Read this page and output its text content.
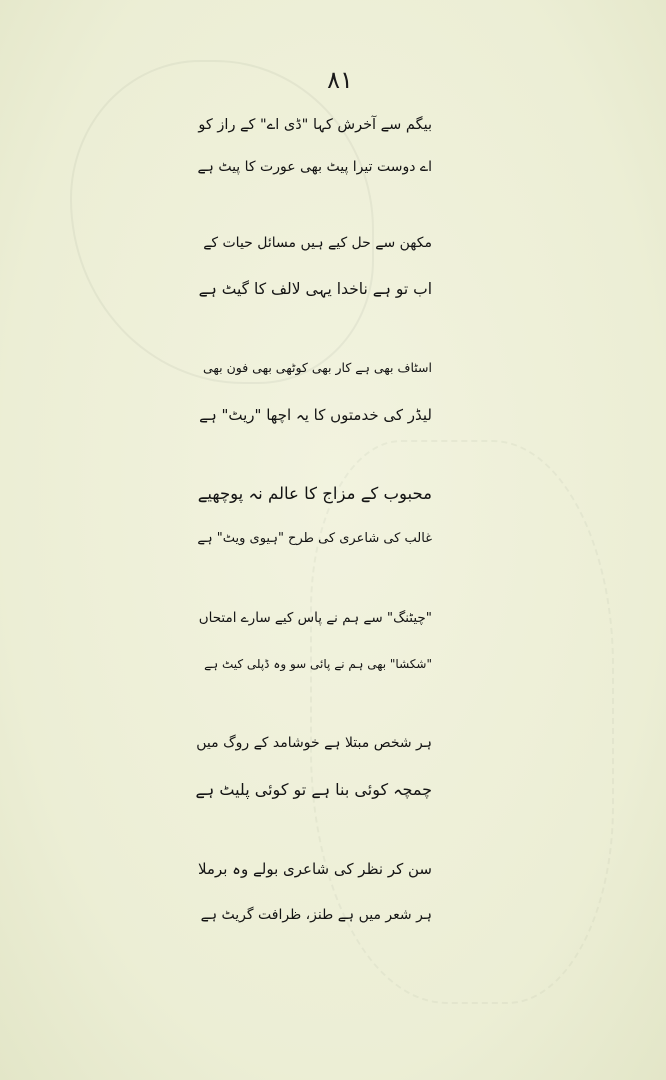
۸۱
بیگم سے آخرش کہا "ڈی اے" کے راز کو
اے دوست تیرا پیٹ بھی عورت کا پیٹ ہے
مکھن سے حل کیے ہیں مسائل حیات کے
اب تو ہے ناخدا یہی لالف کا گیٹ ہے
اسٹاف بھی ہے کار بھی کوٹھی بھی فون بھی
لیڈر کی خدمتوں کا یہ اچھا "ریٹ" ہے
محبوب کے مزاج کا عالم نہ پوچھیے
غالب کی شاعری کی طرح "ہیوی ویٹ" ہے
"چیٹنگ" سے ہم نے پاس کیے سارے امتحاں
"شکشا" بھی ہم نے پائی سو وہ ڈپلی کیٹ ہے
ہر شخص مبتلا ہے خوشامد کے روگ میں
چمچہ کوئی بنا ہے تو کوئی پلیٹ ہے
سن کر نظر کی شاعری بولے وہ برملا
ہر شعر میں ہے طنز، ظرافت گریٹ ہے
